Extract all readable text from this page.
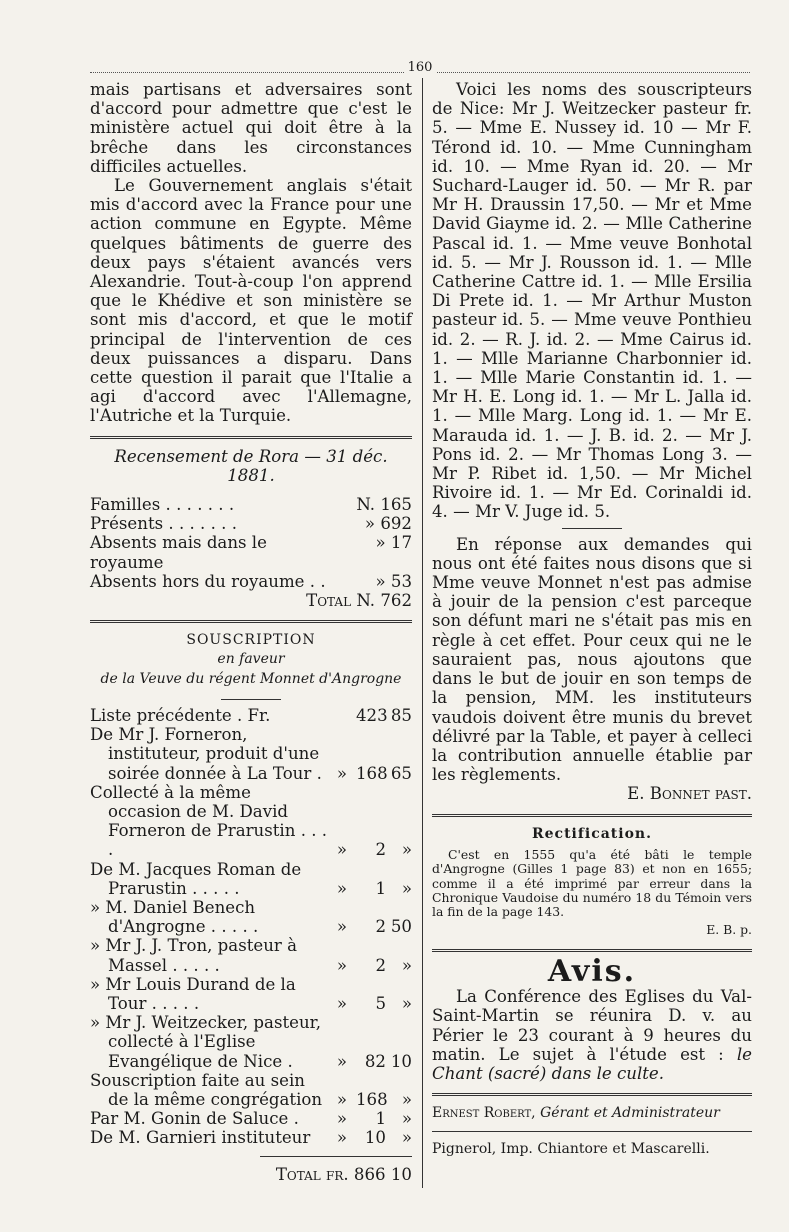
160

mais partisans et adversaires sont d'accord pour admettre que c'est le ministère actuel qui doit être à la brêche dans les circonstances difficiles actuelles.

Le Gouvernement anglais s'était mis d'accord avec la France pour une action commune en Egypte. Même quelques bâtiments de guerre des deux pays s'étaient avancés vers Alexandrie. Tout-à-coup l'on apprend que le Khédive et son ministère se sont mis d'accord, et que le motif principal de l'intervention de ces deux puissances a disparu. Dans cette question il parait que l'Italie a agi d'accord avec l'Allemagne, l'Autriche et la Turquie.

Recensement de Rora — 31 déc. 1881.
Familles . . . . . . .	N. 165
Présents . . . . . . .	» 692
Absents mais dans le royaume
» 17
Absents hors du royaume . .	» 53
Total N. 762
SOUSCRIPTION
en faveur
de la Veuve du régent Monnet d'Angrogne
Liste précédente . Fr.	423 85
De Mr J. Forneron, instituteur, produit d'une soirée donnée à La Tour . » 168 65
Collecté à la même occasion de M. David Forneron de Prarustin . . . .	»	2 »
De M. Jacques Roman de Prarustin . . . . .	»	1 »
» M. Daniel Benech d'Angrogne . . . . .	»	2 50
» Mr J. J. Tron, pasteur à Massel . . . . .	»	2 »
» Mr Louis Durand de la Tour . . . . .	»	5 »
» Mr J. Weitzecker, pasteur, collecté à l'Eglise Evangélique de Nice .	»	82 10
Souscription faite au sein de la même congrégation » 168 »
Par M. Gonin de Saluce .	»	1 »
De M. Garnieri instituteur	»	10 »
Total fr. 866 10

Voici les noms des souscripteurs de Nice: Mr J. Weitzecker pasteur fr. 5. — Mme E. Nussey id. 10 — Mr F. Térond id. 10. — Mme Cunningham id. 10. — Mme Ryan id. 20. — Mr Suchard-Lauger id. 50. — Mr R. par Mr H. Draussin 17,50. — Mr et Mme David Giayme id. 2. — Mlle Catherine Pascal id. 1. — Mme veuve Bonhotal id. 5. — Mr J. Rousson id. 1. — Mlle Catherine Cattre id. 1. — Mlle Ersilia Di Prete id. 1. — Mr Arthur Muston pasteur id. 5. — Mme veuve Ponthieu id. 2. — R. J. id. 2. — Mme Cairus id. 1. — Mlle Marianne Charbonnier id. 1. — Mlle Marie Constantin id. 1. — Mr H. E. Long id. 1. — Mr L. Jalla id. 1. — Mlle Marg. Long id. 1. — Mr E. Marauda id. 1. — J. B. id. 2. — Mr J. Pons id. 2. — Mr Thomas Long 3. — Mr P. Ribet id. 1,50. — Mr Michel Rivoire id. 1. — Mr Ed. Corinaldi id. 4. — Mr V. Juge id. 5.

En réponse aux demandes qui nous ont été faites nous disons que si Mme veuve Monnet n'est pas admise à jouir de la pension c'est parceque son défunt mari ne s'était pas mis en règle à cet effet. Pour ceux qui ne le sauraient pas, nous ajoutons que dans le but de jouir en son temps de la pension, MM. les instituteurs vaudois doivent être munis du brevet délivré par la Table, et payer à celleci la contribution annuelle établie par les règlements.

E. Bonnet past.
Rectification.
C'est en 1555 qu'a été bâti le temple d'Angrogne (Gilles 1 page 83) et non en 1655; comme il a été imprimé par erreur dans la Chronique Vaudoise du numéro 18 du Témoin vers la fin de la page 143.
E. B. p.
Avis.

La Conférence des Eglises du Val-Saint-Martin se réunira D. v. au Périer le 23 courant à 9 heures du matin. Le sujet à l'étude est : le Chant (sacré) dans le culte.

Ernest Robert, Gérant et Administrateur
Pignerol, Imp. Chiantore et Mascarelli.
